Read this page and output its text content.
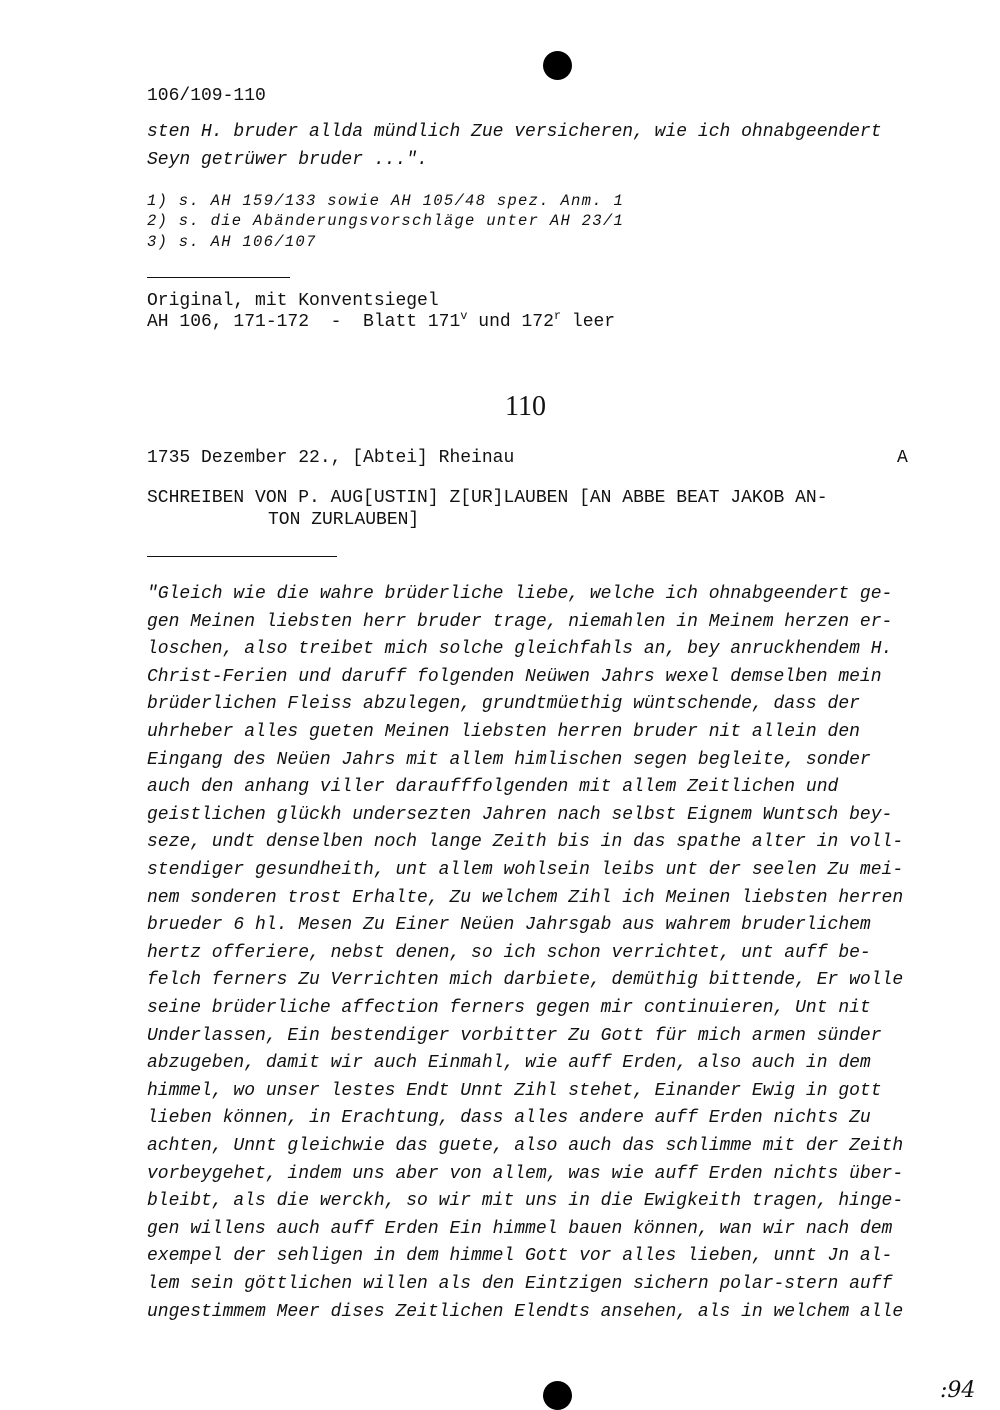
106/109-110
sten H. bruder allda mündlich Zue versicheren, wie ich ohnabgeendert
Seyn getrüwer bruder ...".
1) s. AH 159/133 sowie AH 105/48 spez. Anm. 1
2) s. die Abänderungsvorschläge unter AH 23/1
3) s. AH 106/107
Original, mit Konventsiegel
AH 106, 171-172  -  Blatt 171$^v$ und 172$^r$ leer
110
1735 Dezember 22., [Abtei] Rheinau	A
SCHREIBEN VON P. AUG[USTIN] Z[UR]LAUBEN [AN ABBE BEAT JAKOB AN-
TON ZURLAUBEN]
"Gleich wie die wahre brüderliche liebe, welche ich ohnabgeendert ge-
gen Meinen liebsten herr bruder trage, niemahlen in Meinem herzen er-
loschen, also treibet mich solche gleichfahls an, bey anruckhendem H.
Christ-Ferien und daruff folgenden Neüwen Jahrs wexel demselben mein
brüderlichen Fleiss abzulegen, grundtmüethig wüntschende, dass der
uhrheber alles gueten Meinen liebsten herren bruder nit allein den
Eingang des Neüen Jahrs mit allem himlischen segen begleite, sonder
auch den anhang viller daraufffolgenden mit allem Zeitlichen und
geistlichen glückh undersezten Jahren nach selbst Eignem Wuntsch bey-
seze, undt denselben noch lange Zeith bis in das spathe alter in voll-
stendiger gesundheith, unt allem wohlsein leibs unt der seelen Zu mei-
nem sonderen trost Erhalte, Zu welchem Zihl ich Meinen liebsten herren
brueder 6 hl. Mesen Zu Einer Neüen Jahrsgab aus wahrem bruderlichem
hertz offeriere, nebst denen, so ich schon verrichtet, unt auff be-
felch ferners Zu Verrichten mich darbiete, demüthig bittende, Er wolle
seine brüderliche affection ferners gegen mir continuieren, Unt nit
Underlassen, Ein bestendiger vorbitter Zu Gott für mich armen sünder
abzugeben, damit wir auch Einmahl, wie auff Erden, also auch in dem
himmel, wo unser lestes Endt Unnt Zihl stehet, Einander Ewig in gott
lieben können, in Erachtung, dass alles andere auff Erden nichts Zu
achten, Unnt gleichwie das guete, also auch das schlimme mit der Zeith
vorbeygehet, indem uns aber von allem, was wie auff Erden nichts über-
bleibt, als die werckh, so wir mit uns in die Ewigkeith tragen, hinge-
gen willens auch auff Erden Ein himmel bauen können, wan wir nach dem
exempel der sehligen in dem himmel Gott vor alles lieben, unnt Jn al-
lem sein göttlichen willen als den Eintzigen sichern polar-stern auff
ungestimmem Meer dises Zeitlichen Elendts ansehen, als in welchem alle
:94
